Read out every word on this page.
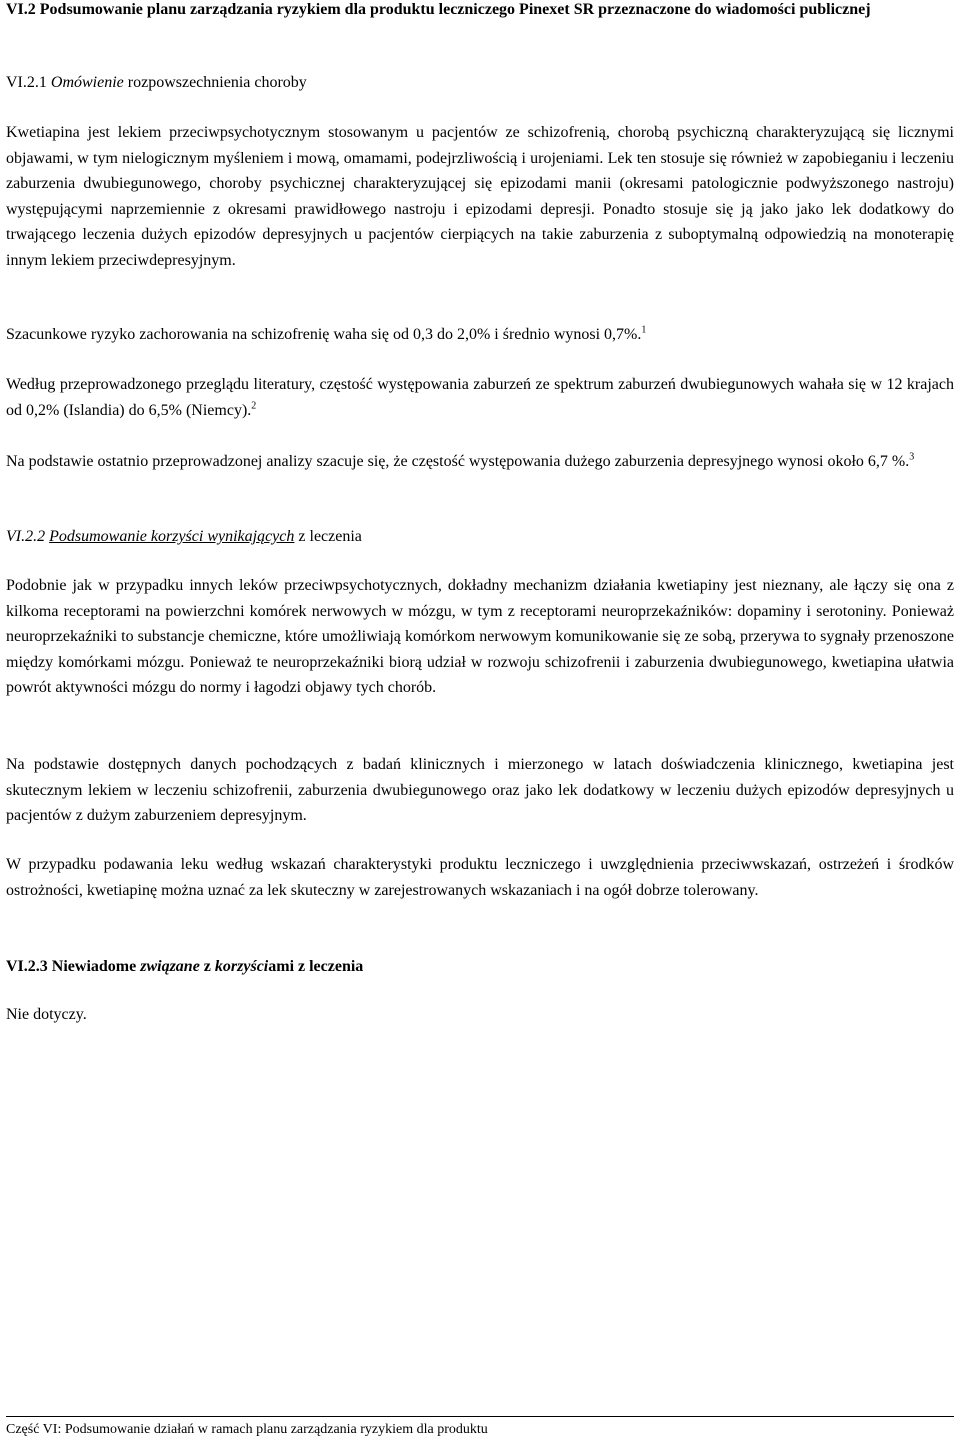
VI.2 Podsumowanie planu zarządzania ryzykiem dla produktu leczniczego Pinexet SR przeznaczone do wiadomości publicznej
VI.2.1 Omówienie rozpowszechnienia choroby

Kwetiapina jest lekiem przeciwpsychotycznym stosowanym u pacjentów ze schizofrenią, chorobą psychiczną charakteryzującą się licznymi objawami, w tym nielogicznym myśleniem i mową, omamami, podejrzliwością i urojeniami. Lek ten stosuje się również w zapobieganiu i leczeniu zaburzenia dwubiegunowego, choroby psychicznej charakteryzującej się epizodami manii (okresami patologicznie podwyższonego nastroju) występującymi naprzemiennie z okresami prawidłowego nastroju i epizodami depresji. Ponadto stosuje się ją jako jako lek dodatkowy do trwającego leczenia dużych epizodów depresyjnych u pacjentów cierpiących na takie zaburzenia z suboptymalną odpowiedzią na monoterapię innym lekiem przeciwdepresyjnym.

Szacunkowe ryzyko zachorowania na schizofrenię waha się od 0,3 do 2,0% i średnio wynosi 0,7%.$^1$

Według przeprowadzonego przeglądu literatury, częstość występowania zaburzeń ze spektrum zaburzeń dwubiegunowych wahała się w 12 krajach od 0,2% (Islandia) do 6,5% (Niemcy).$^2$

Na podstawie ostatnio przeprowadzonej analizy szacuje się, że częstość występowania dużego zaburzenia depresyjnego wynosi około 6,7 %.$^3$

VI.2.2 Podsumowanie korzyści wynikających z leczenia

Podobnie jak w przypadku innych leków przeciwpsychotycznych, dokładny mechanizm działania kwetiapiny jest nieznany, ale łączy się ona z kilkoma receptorami na powierzchni komórek nerwowych w mózgu, w tym z receptorami neuroprzekaźników: dopaminy i serotoniny. Ponieważ neuroprzekaźniki to substancje chemiczne, które umożliwiają komórkom nerwowym komunikowanie się ze sobą, przerywa to sygnały przenoszone między komórkami mózgu. Ponieważ te neuroprzekaźniki biorą udział w rozwoju schizofrenii i zaburzenia dwubiegunowego, kwetiapina ułatwia powrót aktywności mózgu do normy i łagodzi objawy tych chorób.

Na podstawie dostępnych danych pochodzących z badań klinicznych i mierzonego w latach doświadczenia klinicznego, kwetiapina jest skutecznym lekiem w leczeniu schizofrenii, zaburzenia dwubiegunowego oraz jako lek dodatkowy w leczeniu dużych epizodów depresyjnych u pacjentów z dużym zaburzeniem depresyjnym.

W przypadku podawania leku według wskazań charakterystyki produktu leczniczego i uwzględnienia przeciwwskazań, ostrzeżeń i środków ostrożności, kwetiapinę można uznać za lek skuteczny w zarejestrowanych wskazaniach i na ogół dobrze tolerowany.

VI.2.3 Niewiadome związane z korzyściami z leczenia

Nie dotyczy.

Część VI: Podsumowanie działań w ramach planu zarządzania ryzykiem dla produktu
